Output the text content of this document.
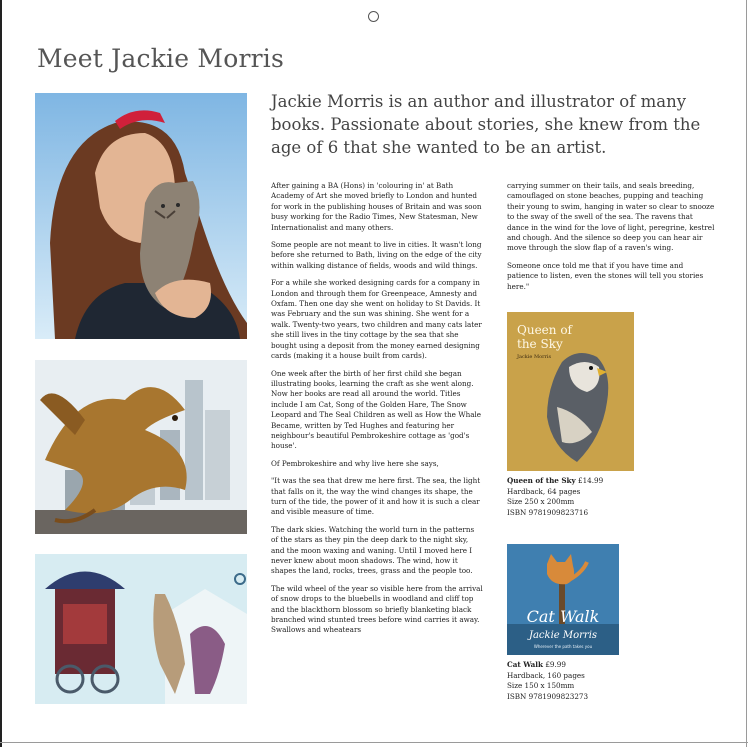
Meet Jackie Morris
Jackie Morris is an author and illustrator of many books. Passionate about stories, she knew from the age of 6 that she wanted to be an artist.

After gaining a BA (Hons) in 'colouring in' at Bath Academy of Art she moved briefly to London and hunted for work in the publishing houses of Britain and was soon busy working for the Radio Times, New Statesman, New Internationalist and many others.

Some people are not meant to live in cities. It wasn't long before she returned to Bath, living on the edge of the city within walking distance of fields, woods and wild things.

For a while she worked designing cards for a company in London and through them for Greenpeace, Amnesty and Oxfam. Then one day she went on holiday to St Davids. It was February and the sun was shining. She went for a walk. Twenty-two years, two children and many cats later she still lives in the tiny cottage by the sea that she bought using a deposit from the money earned designing cards (making it a house built from cards).

One week after the birth of her first child she began illustrating books, learning the craft as she went along. Now her books are read all around the world. Titles include I am Cat, Song of the Golden Hare, The Snow Leopard and The Seal Children as well as How the Whale Became, written by Ted Hughes and featuring her neighbour's beautiful Pembrokeshire cottage as 'god's house'.

Of Pembrokeshire and why live here she says,

"It was the sea that drew me here first. The sea, the light that falls on it, the way the wind changes its shape, the turn of the tide, the power of it and how it is such a clear and visible measure of time.

The dark skies. Watching the world turn in the patterns of the stars as they pin the deep dark to the night sky, and the moon waxing and waning. Until I moved here I never knew about moon shadows. The wind, how it shapes the land, rocks, trees, grass and the people too.

The wild wheel of the year so visible here from the arrival of snow drops to the bluebells in woodland and cliff top and the blackthorn blossom so briefly blanketing black branched wind stunted trees before wind carries it away. Swallows and wheatears

carrying summer on their tails, and seals breeding, camouflaged on stone beaches, pupping and teaching their young to swim, hanging in water so clear to snooze to the sway of the swell of the sea. The ravens that dance in the wind for the love of light, peregrine, kestrel and chough. And the silence so deep you can hear air move through the slow flap of a raven's wing.

Someone once told me that if you have time and patience to listen, even the stones will tell you stories here."

Queen of
the Sky
Jackie Morris
Queen of the Sky £14.99
Hardback, 64 pages
Size 250 x 200mm
ISBN 9781909823716
Cat Walk
Jackie Morris
Wherever the path takes you
Cat Walk £9.99
Hardback, 160 pages
Size 150 x 150mm
ISBN 9781909823273
